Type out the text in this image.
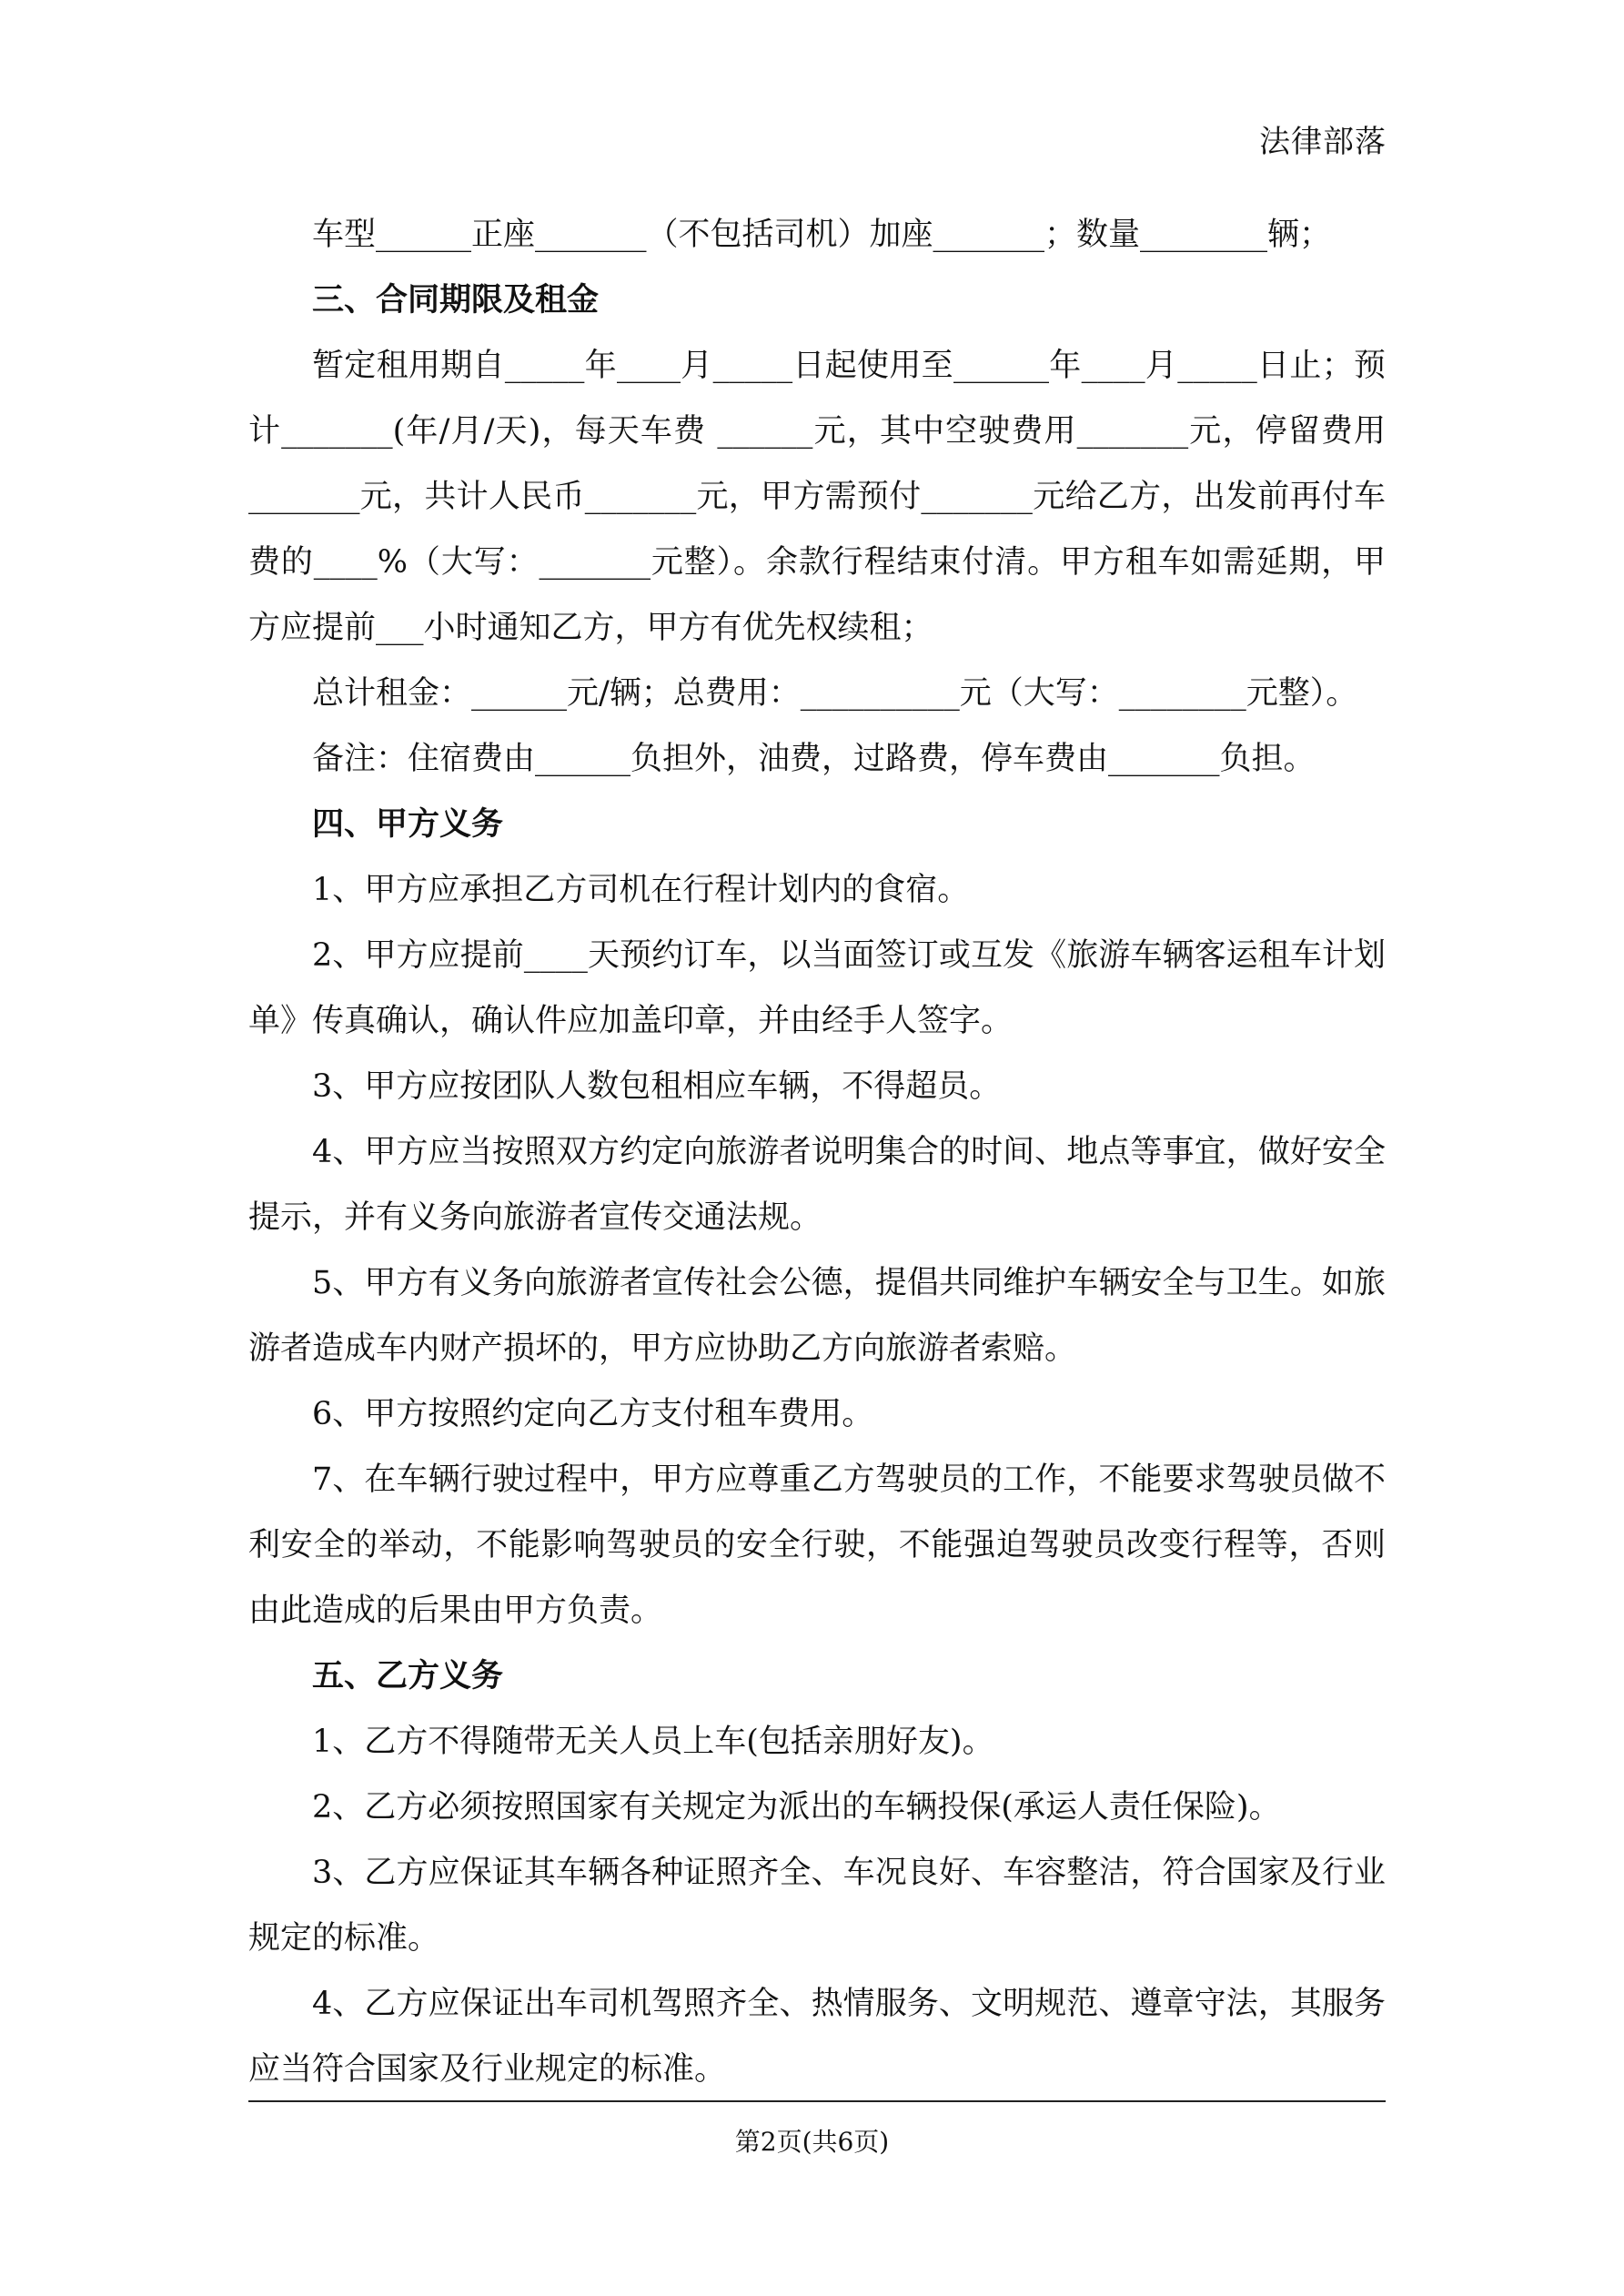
法律部落

车型______正座_______（不包括司机）加座_______；数量________辆；

三、合同期限及租金

暂定租用期自_____年____月_____日起使用至______年____月_____日止；预计_______(年/月/天)，每天车费 ______元，其中空驶费用_______元，停留费用_______元，共计人民币_______元，甲方需预付_______元给乙方，出发前再付车费的____%（大写：_______元整）。余款行程结束付清。甲方租车如需延期，甲方应提前___小时通知乙方，甲方有优先权续租；

总计租金：______元/辆；总费用：__________元（大写：________元整）。

备注：住宿费由______负担外，油费，过路费，停车费由_______负担。

四、甲方义务

1、甲方应承担乙方司机在行程计划内的食宿。

2、甲方应提前____天预约订车，以当面签订或互发《旅游车辆客运租车计划单》传真确认，确认件应加盖印章，并由经手人签字。

3、甲方应按团队人数包租相应车辆，不得超员。

4、甲方应当按照双方约定向旅游者说明集合的时间、地点等事宜，做好安全提示，并有义务向旅游者宣传交通法规。

5、甲方有义务向旅游者宣传社会公德，提倡共同维护车辆安全与卫生。如旅游者造成车内财产损坏的，甲方应协助乙方向旅游者索赔。

6、甲方按照约定向乙方支付租车费用。

7、在车辆行驶过程中，甲方应尊重乙方驾驶员的工作，不能要求驾驶员做不利安全的举动，不能影响驾驶员的安全行驶，不能强迫驾驶员改变行程等，否则由此造成的后果由甲方负责。

五、乙方义务

1、乙方不得随带无关人员上车(包括亲朋好友)。

2、乙方必须按照国家有关规定为派出的车辆投保(承运人责任保险)。

3、乙方应保证其车辆各种证照齐全、车况良好、车容整洁，符合国家及行业规定的标准。

4、乙方应保证出车司机驾照齐全、热情服务、文明规范、遵章守法，其服务应当符合国家及行业规定的标准。

第2页(共6页)
